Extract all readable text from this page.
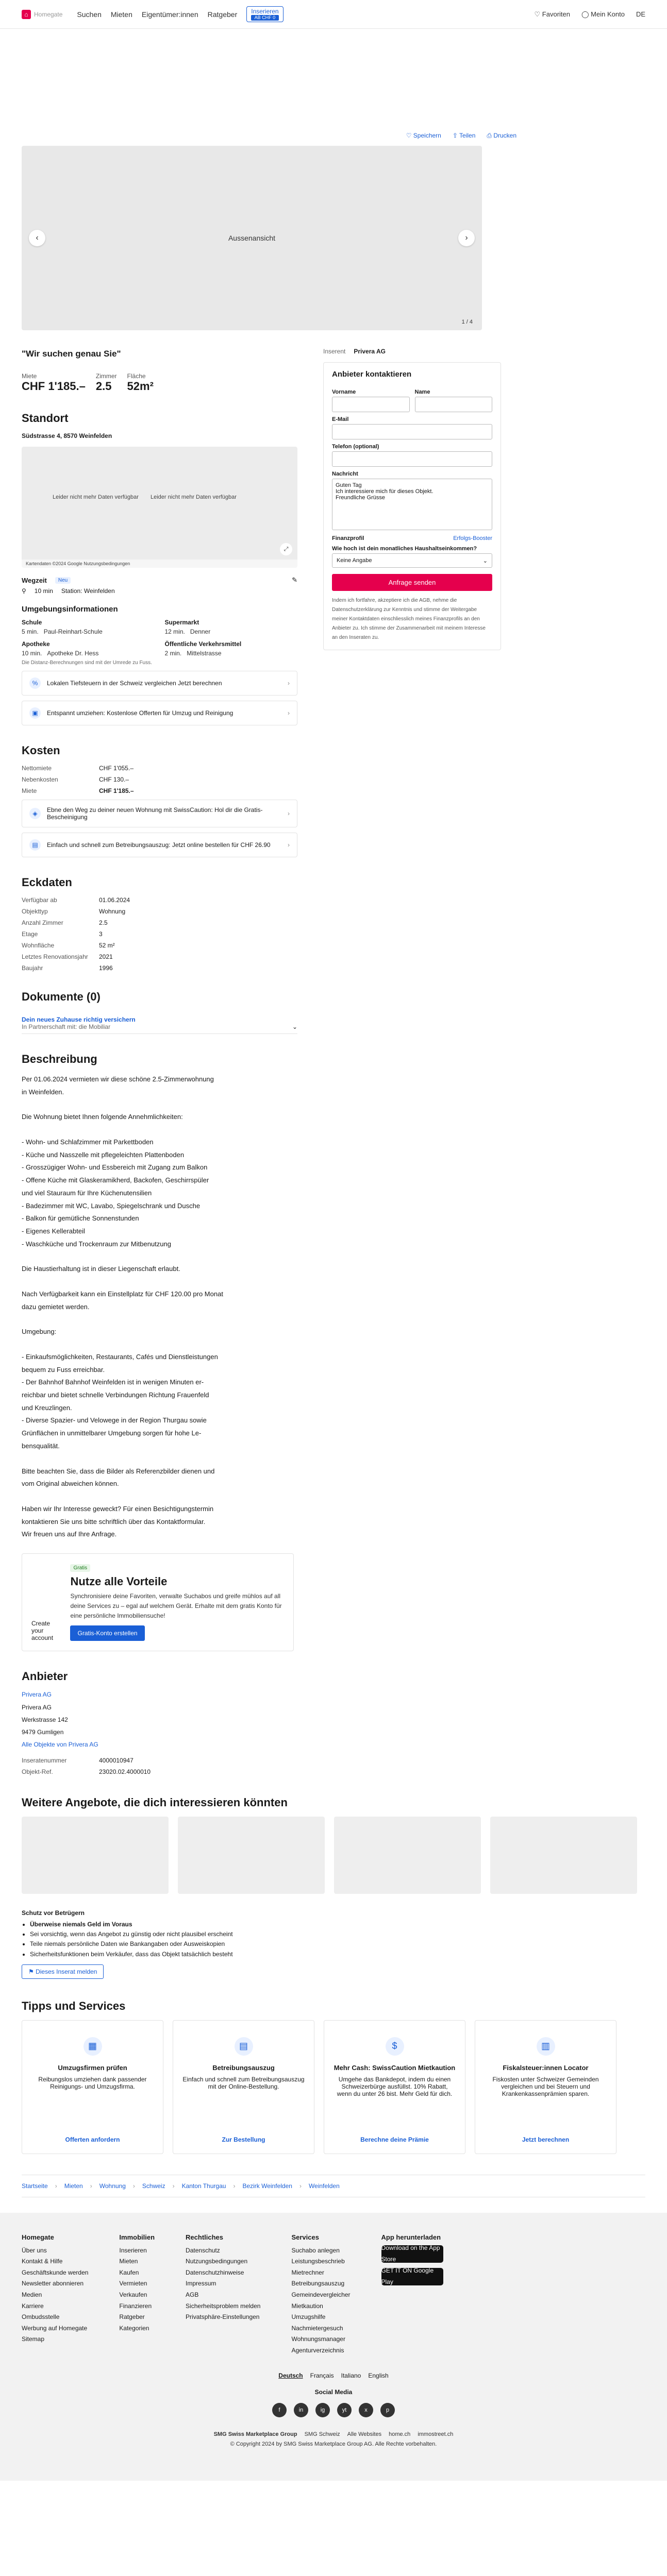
⌂ Homegate Suchen Mieten Eigentümer:innen Ratgeber	Inserieren
AB CHF 0	♡ Favoriten ◯ Mein Konto DE
♡ Speichern ⇪ Teilen ⎙ Drucken
Aussenansicht
‹	›
1 / 4
"Wir suchen genau Sie"
Miete
CHF 1'185.–
Zimmer
2.5
Fläche
52m²
Standort
Südstrasse 4, 8570 Weinfelden
Leider nicht mehr Daten verfügbar Leider nicht mehr Daten verfügbar
⤢
Kartendaten ©2024 Google Nutzungsbedingungen
Wegzeit	Neu	✎
⚲ 10 min Station: Weinfelden
Umgebungsinformationen
Schule
5 min. Paul-Reinhart-Schule
Supermarkt
12 min. Denner
Apotheke
10 min. Apotheke Dr. Hess
Öffentliche Verkehrsmittel
2 min. Mittelstrasse
Die Distanz-Berechnungen sind mit der Umrede zu Fuss.
%	Lokalen Tiefsteuern in der Schweiz vergleichen Jetzt berechnen	›
▣	Entspannt umziehen: Kostenlose Offerten für Umzug und Reinigung	›
Kosten
Nettomiete	CHF 1'055.–
Nebenkosten	CHF 130.–
Miete	CHF 1'185.–
◈	Ebne den Weg zu deiner neuen Wohnung mit SwissCaution: Hol dir die Gratis-Bescheinigung	›
▤	Einfach und schnell zum Betreibungsauszug: Jetzt online bestellen für CHF 26.90	›
Eckdaten
Verfügbar ab	01.06.2024
Objekttyp	Wohnung
Anzahl Zimmer	2.5
Etage	3
Wohnfläche	52 m²
Letztes Renovationsjahr	2021
Baujahr	1996
Dokumente (0)
Dein neues Zuhause richtig versichern
In Partnerschaft mit: die Mobiliar	⌄
Beschreibung

Per 01.06.2024 vermieten wir diese schöne 2.5-Zimmerwohnung
in Weinfelden.

Die Wohnung bietet Ihnen folgende Annehmlichkeiten:

- Wohn- und Schlafzimmer mit Parkettboden
- Küche und Nasszelle mit pflegeleichten Plattenboden
- Grosszügiger Wohn- und Essbereich mit Zugang zum Balkon
- Offene Küche mit Glaskeramikherd, Backofen, Geschirrspüler
und viel Stauraum für Ihre Küchenutensilien
- Badezimmer mit WC, Lavabo, Spiegelschrank und Dusche
- Balkon für gemütliche Sonnenstunden
- Eigenes Kellerabteil
- Waschküche und Trockenraum zur Mitbenutzung

Die Haustierhaltung ist in dieser Liegenschaft erlaubt.

Nach Verfügbarkeit kann ein Einstellplatz für CHF 120.00 pro Monat
dazu gemietet werden.

Umgebung:

- Einkaufsmöglichkeiten, Restaurants, Cafés und Dienstleistungen
bequem zu Fuss erreichbar.
- Der Bahnhof Bahnhof Weinfelden ist in wenigen Minuten er-
reichbar und bietet schnelle Verbindungen Richtung Frauenfeld
und Kreuzlingen.
- Diverse Spazier- und Velowege in der Region Thurgau sowie
Grünflächen in unmittelbarer Umgebung sorgen für hohe Le-
bensqualität.

Bitte beachten Sie, dass die Bilder als Referenzbilder dienen und
vom Original abweichen können.

Haben wir Ihr Interesse geweckt? Für einen Besichtigungstermin
kontaktieren Sie uns bitte schriftlich über das Kontaktformular.
Wir freuen uns auf Ihre Anfrage.

Create your account
Gratis
Nutze alle Vorteile
Synchronisiere deine Favoriten, verwalte Suchabos und greife mühlos auf all deine Services zu – egal auf welchem Gerät. Erhalte mit dem gratis Konto für eine persönliche Immobiliensuche!
Gratis-Konto erstellen
Anbieter
Privera AG
Privera AG
Werkstrasse 142
9479 Gumligen
Alle Objekte von Privera AG
Inseratenummer	4000010947
Objekt-Ref.	23020.02.4000010
Inserent Privera AG
Anbieter kontaktieren
Vorname	Name
E-Mail
Telefon (optional)
Nachricht
Guten Tag
Ich interessiere mich für dieses Objekt.
Freundliche Grüsse
Finanzprofil	Erfolgs-Booster
Wie hoch ist dein monatliches Haushaltseinkommen?
Keine Angabe	⌄
Anfrage senden
Indem ich fortfahre, akzeptiere ich die AGB, nehme die Datenschutzerklärung zur Kenntnis und stimme der Weitergabe meiner Kontaktdaten einschliesslich meines Finanzprofils an den Anbieter zu. Ich stimme der Zusammenarbeit mit meinem Interesse an den Inseraten zu.
Weitere Angebote, die dich interessieren könnten
Schutz vor Betrügern
• Überweise niemals Geld im Voraus
• Sei vorsichtig, wenn das Angebot zu günstig oder nicht plausibel erscheint
• Teile niemals persönliche Daten wie Bankangaben oder Ausweiskopien
• Sicherheitsfunktionen beim Verkäufer, dass das Objekt tatsächlich besteht
⚑ Dieses Inserat melden
Tipps und Services
▦
Umzugsfirmen prüfen
Reibungslos umziehen dank passender Reinigungs- und Umzugsfirma.
Offerten anfordern
▤
Betreibungsauszug
Einfach und schnell zum Betreibungsauszug mit der Online-Bestellung.
Zur Bestellung
$
Mehr Cash: SwissCaution Mietkaution
Umgehe das Bankdepot, indem du einen Schweizerbürge ausfüllst. 10% Rabatt, wenn du unter 26 bist. Mehr Geld für dich.
Berechne deine Prämie
▥
Fiskalsteuer:innen Locator
Fiskosten unter Schweizer Gemeinden vergleichen und bei Steuern und Krankenkassenprämien sparen.
Jetzt berechnen
Startseite › Mieten › Wohnung › Schweiz › Kanton Thurgau › Bezirk Weinfelden › Weinfelden
Homegate
Über uns
Kontakt & Hilfe
Geschäftskunde werden
Newsletter abonnieren
Medien
Karriere
Ombudsstelle
Werbung auf Homegate
Sitemap
Immobilien
Inserieren
Mieten
Kaufen
Vermieten
Verkaufen
Finanzieren
Ratgeber
Kategorien
Rechtliches
Datenschutz
Nutzungsbedingungen
Datenschutzhinweise
Impressum
AGB
Sicherheitsproblem melden
Privatsphäre-Einstellungen
Services
Suchabo anlegen
Leistungsbeschrieb
Mietrechner
Betreibungsauszug
Gemeindevergleicher
Mietkaution
Umzugshilfe
Nachmietergesuch
Wohnungsmanager
Agenturverzeichnis
App herunterladen
Download on the App Store
GET IT ON Google Play
Deutsch Français Italiano English
Social Media
f	in	ig	yt	x	p
SMG Swiss Marketplace Group SMG Schweiz Alle Websites home.ch immostreet.ch
© Copyright 2024 by SMG Swiss Marketplace Group AG. Alle Rechte vorbehalten.
